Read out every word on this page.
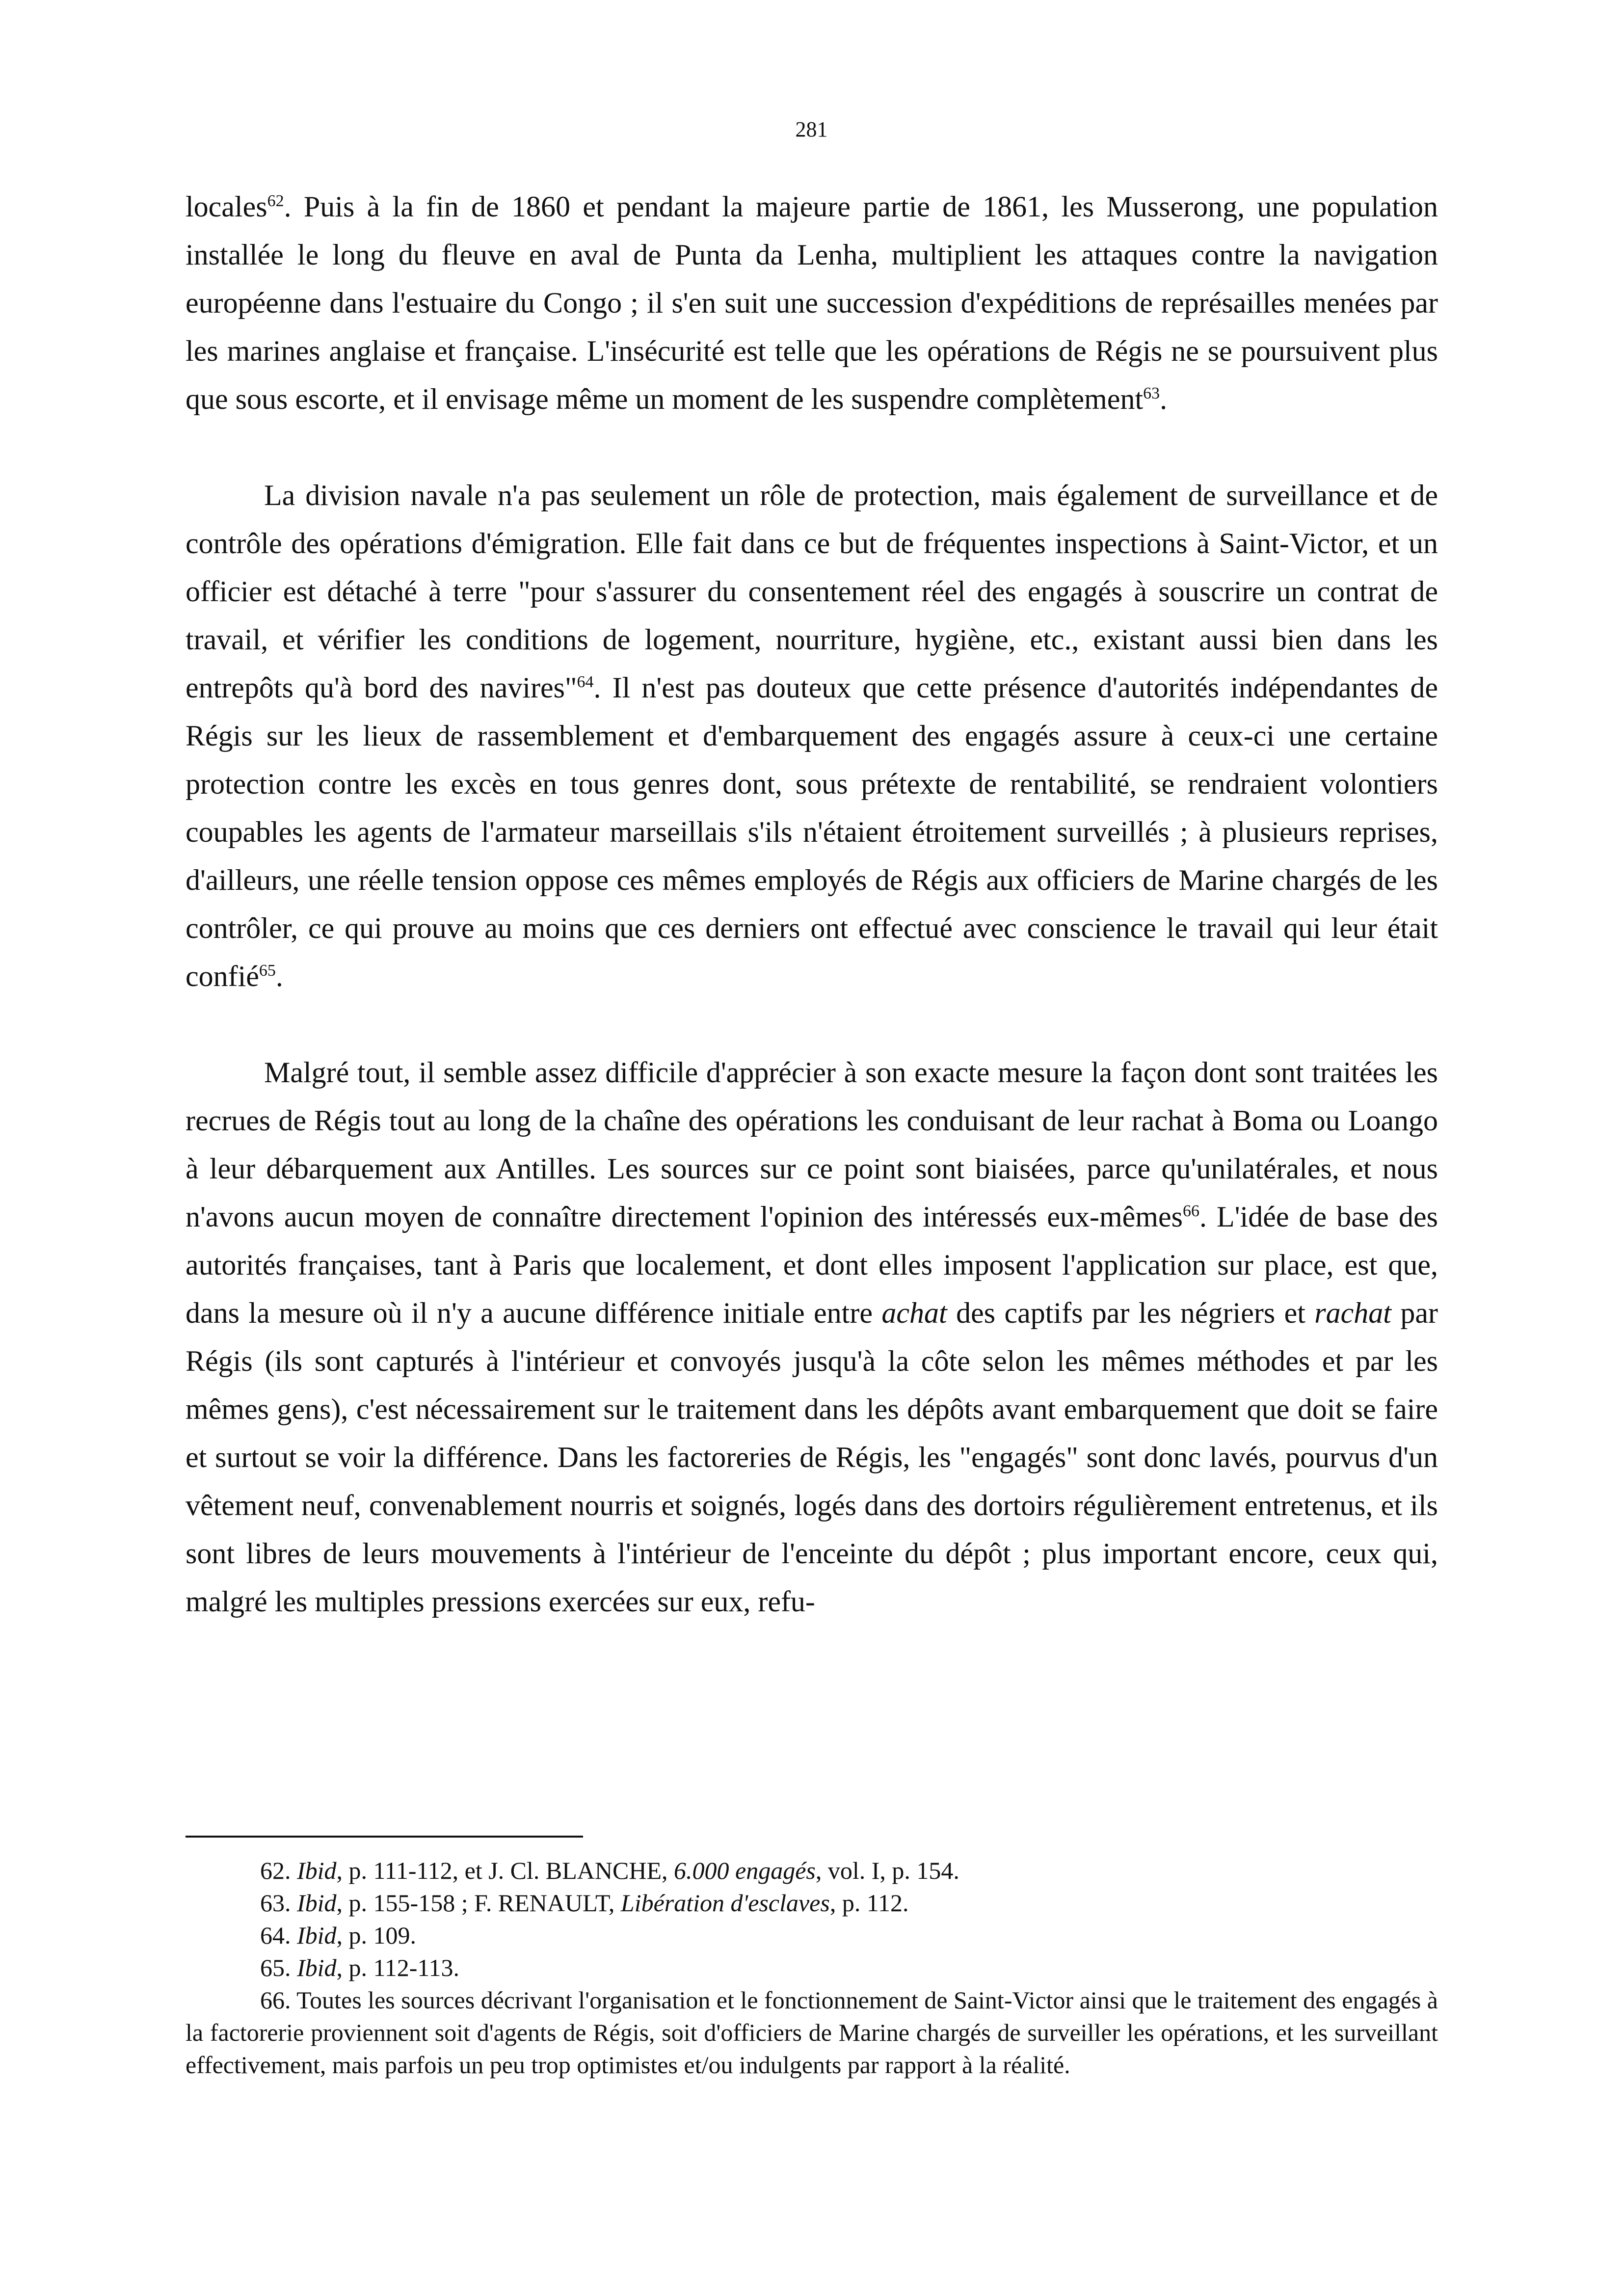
281

locales$^{62}$. Puis à la fin de 1860 et pendant la majeure partie de 1861, les Musserong, une population installée le long du fleuve en aval de Punta da Lenha, multiplient les attaques contre la navigation européenne dans l'estuaire du Congo ; il s'en suit une succession d'expéditions de représailles menées par les marines anglaise et française. L'insécurité est telle que les opérations de Régis ne se poursuivent plus que sous escorte, et il envisage même un moment de les suspendre complètement$^{63}$.

La division navale n'a pas seulement un rôle de protection, mais également de surveillance et de contrôle des opérations d'émigration. Elle fait dans ce but de fréquentes inspections à Saint-Victor, et un officier est détaché à terre "pour s'assurer du consentement réel des engagés à souscrire un contrat de travail, et vérifier les conditions de logement, nourriture, hygiène, etc., existant aussi bien dans les entrepôts qu'à bord des navires"$^{64}$. Il n'est pas douteux que cette présence d'autorités indépendantes de Régis sur les lieux de rassemblement et d'embarquement des engagés assure à ceux-ci une certaine protection contre les excès en tous genres dont, sous prétexte de rentabilité, se rendraient volontiers coupables les agents de l'armateur marseillais s'ils n'étaient étroitement surveillés ; à plusieurs reprises, d'ailleurs, une réelle tension oppose ces mêmes employés de Régis aux officiers de Marine chargés de les contrôler, ce qui prouve au moins que ces derniers ont effectué avec conscience le travail qui leur était confié$^{65}$.

Malgré tout, il semble assez difficile d'apprécier à son exacte mesure la façon dont sont traitées les recrues de Régis tout au long de la chaîne des opérations les conduisant de leur rachat à Boma ou Loango à leur débarquement aux Antilles. Les sources sur ce point sont biaisées, parce qu'unilatérales, et nous n'avons aucun moyen de connaître directement l'opinion des intéressés eux-mêmes$^{66}$. L'idée de base des autorités françaises, tant à Paris que localement, et dont elles imposent l'application sur place, est que, dans la mesure où il n'y a aucune différence initiale entre achat des captifs par les négriers et rachat par Régis (ils sont capturés à l'intérieur et convoyés jusqu'à la côte selon les mêmes méthodes et par les mêmes gens), c'est nécessairement sur le traitement dans les dépôts avant embarquement que doit se faire et surtout se voir la différence. Dans les factoreries de Régis, les "engagés" sont donc lavés, pourvus d'un vêtement neuf, convenablement nourris et soignés, logés dans des dortoirs régulièrement entretenus, et ils sont libres de leurs mouvements à l'intérieur de l'enceinte du dépôt ; plus important encore, ceux qui, malgré les multiples pressions exercées sur eux, refu-

62. Ibid, p. 111-112, et J. Cl. BLANCHE, 6.000 engagés, vol. I, p. 154.

63. Ibid, p. 155-158 ; F. RENAULT, Libération d'esclaves, p. 112.

64. Ibid, p. 109.

65. Ibid, p. 112-113.

66. Toutes les sources décrivant l'organisation et le fonctionnement de Saint-Victor ainsi que le traitement des engagés à la factorerie proviennent soit d'agents de Régis, soit d'officiers de Marine chargés de surveiller les opérations, et les surveillant effectivement, mais parfois un peu trop optimistes et/ou indulgents par rapport à la réalité.
